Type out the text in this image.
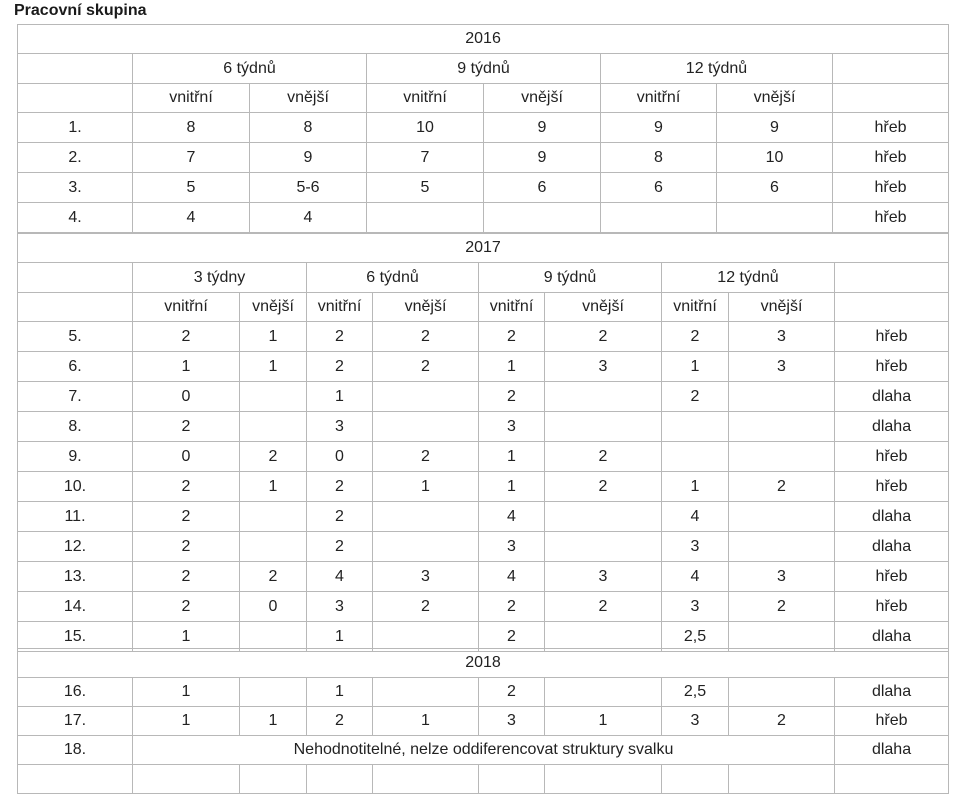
Pracovní skupina
2016							
	6 týdnů		9 týdnů		12 týdnů		
	vnitřní	vnější	vnitřní	vnější	vnitřní	vnější	
1.	8	8	10	9	9	9	hřeb
2.	7	9	7	9	8	10	hřeb
3.	5	5-6	5	6	6	6	hřeb
4.	4	4					hřeb
2017									
	3 týdny		6 týdnů		9 týdnů		12 týdnů		
	vnitřní	vnější	vnitřní	vnější	vnitřní	vnější	vnitřní	vnější	
5.	2	1	2	2	2	2	2	3	hřeb
6.	1	1	2	2	1	3	1	3	hřeb
7.	0		1		2		2		dlaha
8.	2		3		3				dlaha
9.	0	2	0	2	1	2			hřeb
10.	2	1	2	1	1	2	1	2	hřeb
11.	2		2		4		4		dlaha
12.	2		2		3		3		dlaha
13.	2	2	4	3	4	3	4	3	hřeb
14.	2	0	3	2	2	2	3	2	hřeb
15.	1		1		2		2,5		dlaha
2018									
16.	1		1		2		2,5		dlaha
17.	1	1	2	1	3	1	3	2	hřeb
18.	Nehodnotitelné, nelze oddiferencovat struktury svalku								dlaha
